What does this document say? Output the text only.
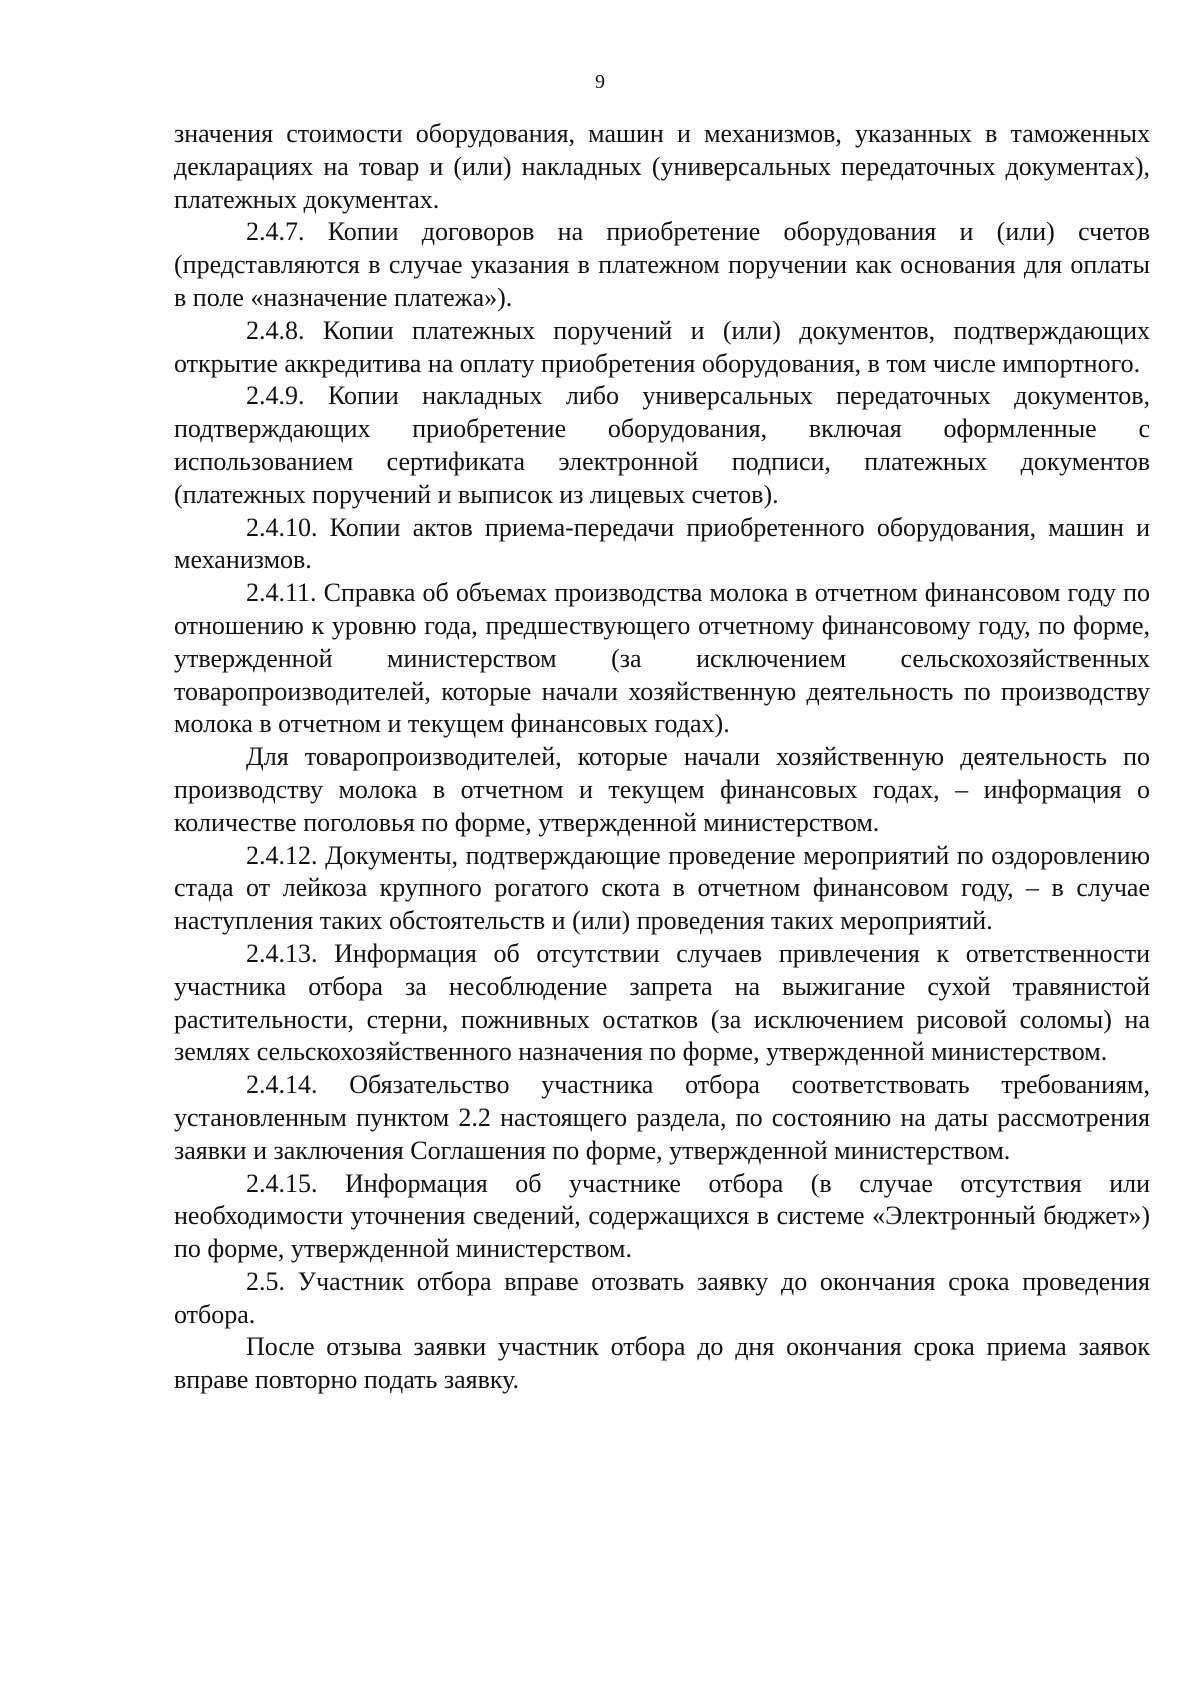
9

значения стоимости оборудования, машин и механизмов, указанных в таможенных декларациях на товар и (или) накладных (универсальных передаточных документах), платежных документах.

2.4.7. Копии договоров на приобретение оборудования и (или) счетов (представляются в случае указания в платежном поручении как основания для оплаты в поле «назначение платежа»).

2.4.8. Копии платежных поручений и (или) документов, подтверждающих открытие аккредитива на оплату приобретения оборудования, в том числе импортного.

2.4.9. Копии накладных либо универсальных передаточных документов, подтверждающих приобретение оборудования, включая оформленные с использованием сертификата электронной подписи, платежных документов (платежных поручений и выписок из лицевых счетов).

2.4.10. Копии актов приема-передачи приобретенного оборудования, машин и механизмов.

2.4.11. Справка об объемах производства молока в отчетном финансовом году по отношению к уровню года, предшествующего отчетному финансовому году, по форме, утвержденной министерством (за исключением сельскохозяйственных товаропроизводителей, которые начали хозяйственную деятельность по производству молока в отчетном и текущем финансовых годах).

Для товаропроизводителей, которые начали хозяйственную деятельность по производству молока в отчетном и текущем финансовых годах, – информация о количестве поголовья по форме, утвержденной министерством.

2.4.12. Документы, подтверждающие проведение мероприятий по оздоровлению стада от лейкоза крупного рогатого скота в отчетном финансовом году, – в случае наступления таких обстоятельств и (или) проведения таких мероприятий.

2.4.13. Информация об отсутствии случаев привлечения к ответственности участника отбора за несоблюдение запрета на выжигание сухой травянистой растительности, стерни, пожнивных остатков (за исключением рисовой соломы) на землях сельскохозяйственного назначения по форме, утвержденной министерством.

2.4.14. Обязательство участника отбора соответствовать требованиям, установленным пунктом 2.2 настоящего раздела, по состоянию на даты рассмотрения заявки и заключения Соглашения по форме, утвержденной министерством.

2.4.15. Информация об участнике отбора (в случае отсутствия или необходимости уточнения сведений, содержащихся в системе «Электронный бюджет») по форме, утвержденной министерством.

2.5. Участник отбора вправе отозвать заявку до окончания срока проведения отбора.

После отзыва заявки участник отбора до дня окончания срока приема заявок вправе повторно подать заявку.
